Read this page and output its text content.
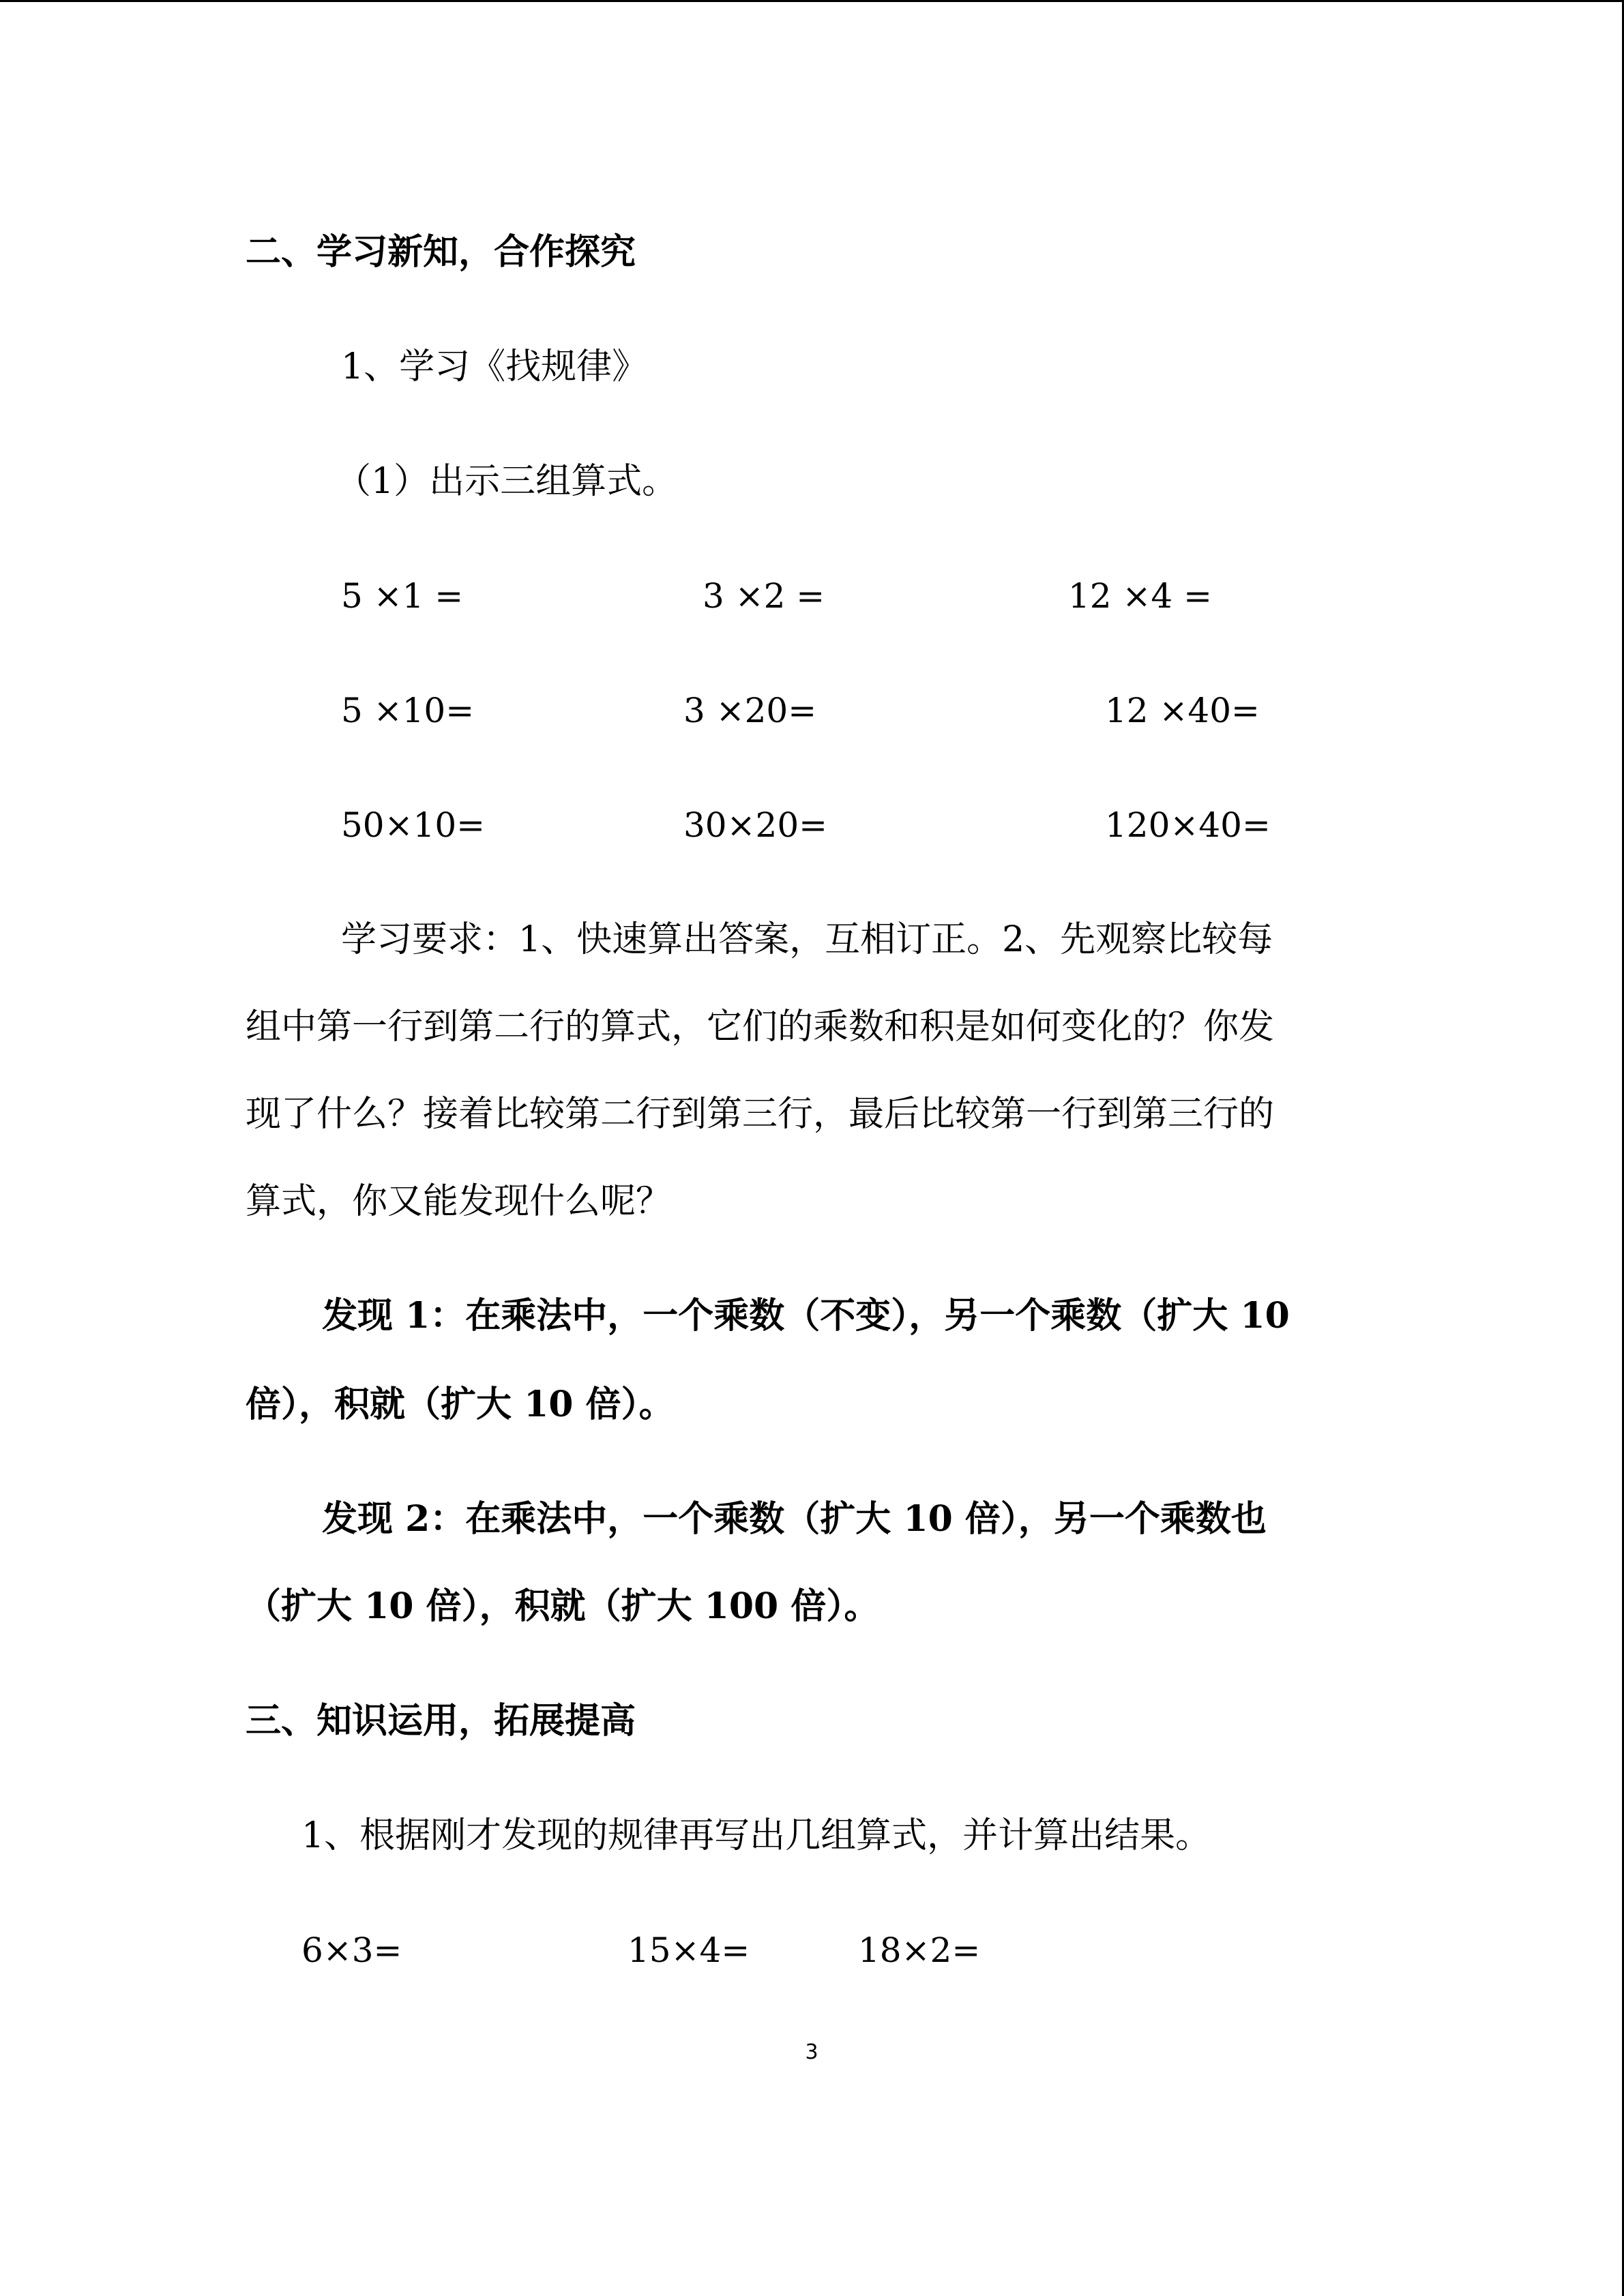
二、学习新知，合作探究
1、学习《找规律》
（1）出示三组算式。
5 ×1 =	3 ×2 =	12 ×4 =
5 ×10=	3 ×20=	12 ×40=
50×10=	30×20=	120×40=
学习要求：1、快速算出答案，互相订正。2、先观察比较每
组中第一行到第二行的算式，它们的乘数和积是如何变化的？你发
现了什么？接着比较第二行到第三行，最后比较第一行到第三行的
算式，你又能发现什么呢？
发现 1：在乘法中，一个乘数（不变），另一个乘数（扩大 10
倍），积就（扩大 10 倍）。
发现 2：在乘法中，一个乘数（扩大 10 倍），另一个乘数也
（扩大 10 倍），积就（扩大 100 倍）。
三、知识运用，拓展提高
1、根据刚才发现的规律再写出几组算式，并计算出结果。
6×3=	15×4=	18×2=
3
